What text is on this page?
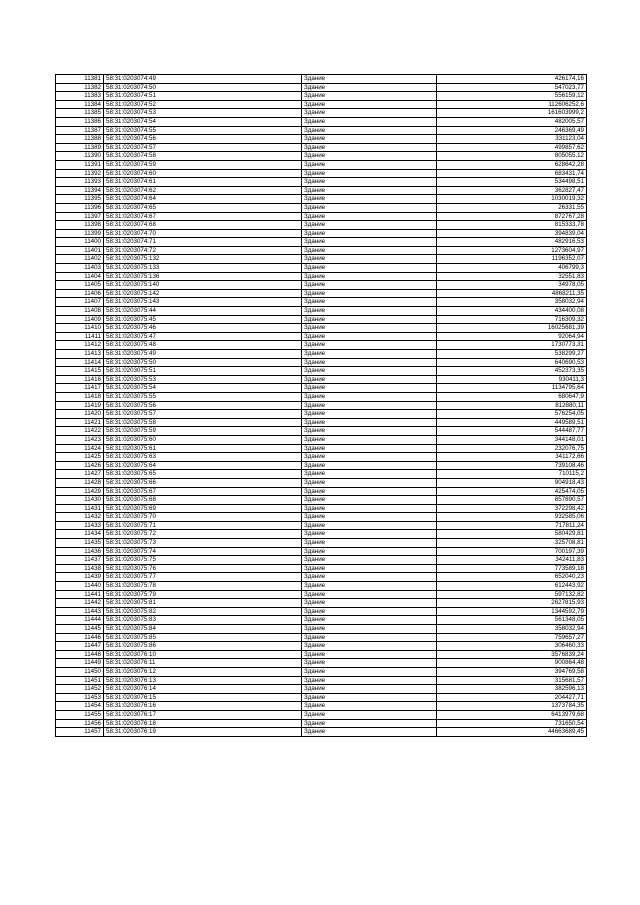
11381	58:31:0203074:49	Здание	426174,16
11382	58:31:0203074:50	Здание	547023,77
11383	58:31:0203074:51	Здание	556159,12
11384	58:31:0203074:52	Здание	112606252,6
11385	58:31:0203074:53	Здание	161603999,2
11386	58:31:0203074:54	Здание	482005,57
11387	58:31:0203074:55	Здание	246369,49
11388	58:31:0203074:56	Здание	331123,04
11389	58:31:0203074:57	Здание	499857,62
11390	58:31:0203074:58	Здание	805055,12
11391	58:31:0203074:59	Здание	628642,28
11392	58:31:0203074:60	Здание	683431,74
11393	58:31:0203074:61	Здание	534498,51
11394	58:31:0203074:62	Здание	362827,47
11395	58:31:0203074:64	Здание	1030019,32
11396	58:31:0203074:65	Здание	26331,55
11397	58:31:0203074:67	Здание	872767,28
11398	58:31:0203074:68	Здание	815333,78
11399	58:31:0203074:70	Здание	394839,04
11400	58:31:0203074:71	Здание	482916,53
11401	58:31:0203074:72	Здание	1273604,97
11402	58:31:0203075:132	Здание	1196352,07
11403	58:31:0203075:133	Здание	406799,3
11404	58:31:0203075:136	Здание	32551,83
11405	58:31:0203075:140	Здание	34978,05
11406	58:31:0203075:142	Здание	4868211,35
11407	58:31:0203075:143	Здание	358032,94
11408	58:31:0203075:44	Здание	434400,08
11409	58:31:0203075:45	Здание	716309,32
11410	58:31:0203075:46	Здание	16025681,39
11411	58:31:0203075:47	Здание	92064,94
11412	58:31:0203075:48	Здание	1730773,31
11413	58:31:0203075:49	Здание	538299,27
11414	58:31:0203075:50	Здание	640690,53
11415	58:31:0203075:51	Здание	452373,35
11416	58:31:0203075:53	Здание	930411,3
11417	58:31:0203075:54	Здание	1134795,64
11418	58:31:0203075:55	Здание	680647,9
11419	58:31:0203075:56	Здание	812880,11
11420	58:31:0203075:57	Здание	576254,05
11421	58:31:0203075:58	Здание	449589,51
11422	58:31:0203075:59	Здание	544487,77
11423	58:31:0203075:60	Здание	344148,01
11424	58:31:0203075:61	Здание	232076,75
11425	58:31:0203075:63	Здание	341172,66
11426	58:31:0203075:64	Здание	739108,46
11427	58:31:0203075:65	Здание	710115,2
11428	58:31:0203075:66	Здание	904918,43
11429	58:31:0203075:67	Здание	425474,05
11430	58:31:0203075:68	Здание	857890,57
11431	58:31:0203075:69	Здание	372298,42
11432	58:31:0203075:70	Здание	932585,06
11433	58:31:0203075:71	Здание	717811,24
11434	58:31:0203075:72	Здание	580429,81
11435	58:31:0203075:73	Здание	325708,81
11436	58:31:0203075:74	Здание	700197,39
11437	58:31:0203075:75	Здание	342411,83
11438	58:31:0203075:76	Здание	773589,18
11439	58:31:0203075:77	Здание	652040,23
11440	58:31:0203075:78	Здание	612443,92
11441	58:31:0203075:79	Здание	597132,82
11442	58:31:0203075:81	Здание	2627815,93
11443	58:31:0203075:82	Здание	1344592,79
11444	58:31:0203075:83	Здание	561348,05
11445	58:31:0203075:84	Здание	358032,94
11446	58:31:0203075:85	Здание	759657,27
11447	58:31:0203075:86	Здание	306460,33
11448	58:31:0203076:10	Здание	3576839,24
11449	58:31:0203076:11	Здание	900864,48
11450	58:31:0203076:12	Здание	394769,58
11451	58:31:0203076:13	Здание	315681,57
11452	58:31:0203076:14	Здание	382596,13
11453	58:31:0203076:15	Здание	204427,71
11454	58:31:0203076:16	Здание	1373784,35
11455	58:31:0203076:17	Здание	6413979,68
11456	58:31:0203076:18	Здание	731650,54
11457	58:31:0203076:19	Здание	44663689,45
